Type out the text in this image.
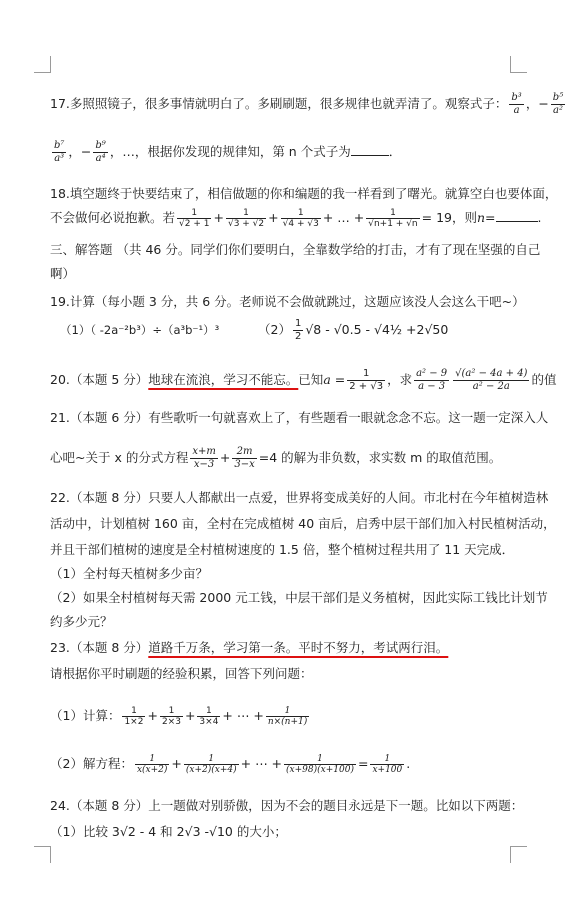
17.多照照镜子，很多事情就明白了。多刷刷题，很多规律也就弄清了。观察式子： $\frac{\text{b³}}{a}$ ，− $\frac{\text{b⁵}}{\text{a²}}$
$\frac{\text{b⁷}}{\text{a³}}$ ，− $\frac{\text{b⁹}}{\text{a⁴}}$ ，…，根据你发现的规律知，第 n 个式子为	．
18.填空题终于快要结束了，相信做题的你和编题的我一样看到了曙光。就算空白也要体面，
不会做何必说抱歉。若 $\frac{1}{√2 + 1} + \frac{1}{√3 + √2} + \frac{1}{√4 + √3}$ + … + $\frac{1}{√n+1 + √n} = 19$，则n=	.
三、解答题 （共 46 分。同学们你们要明白，全靠数学给的打击，才有了现在坚强的自己
啊）
19.计算（每小题 3 分，共 6 分。老师说不会做就跳过，这题应该没人会这么干吧~）
（1）（ -2a⁻²b³）÷（a³b⁻¹）³	$(2) \frac{1}{2} √8 - √0.5$ - √4½ +2√50
20.（本题 5 分）地球在流浪，学习不能忘。已知$a = \frac{1}{2 + √3}$ ，求 $\frac{\text{a² − 9}}{a - 3} \frac{\text{√(a² − 4a + 4)}}{\text{a² − 2a}}$ 的值
21.（本题 6 分）有些歌听一句就喜欢上了，有些题看一眼就念念不忘。这一题一定深入人
心吧~关于 x 的分式方程 $\frac{x+m}{x-3} + \frac{2m}{3-x} =4$ 的解为非负数，求实数 m 的取值范围。
22.（本题 8 分）只要人人都献出一点爱，世界将变成美好的人间。市北村在今年植树造林
活动中，计划植树 160 亩，全村在完成植树 40 亩后，启秀中层干部们加入村民植树活动，
并且干部们植树的速度是全村植树速度的 1.5 倍，整个植树过程共用了 11 天完成．
（1）全村每天植树多少亩？
（2）如果全村植树每天需 2000 元工钱，中层干部们是义务植树，因此实际工钱比计划节
约多少元？
23.（本题 8 分）道路千万条，学习第一条。平时不努力，考试两行泪。
请根据你平时刷题的经验积累，回答下列问题：
（1）计算： $\frac{1}{1\times 2} + \frac{1}{2\times 3} + \frac{1}{3\times 4}$ + ⋯ + $\frac{1}{n\times(n+1)}$
（2）解方程： $\frac{1}{x(x+2)} + \frac{1}{(x+2)(x+4)}$ + ⋯ + $\frac{1}{(x+98)(x+100)} = \frac{1}{x+100}$ .
24.（本题 8 分）上一题做对别骄傲，因为不会的题目永远是下一题。比如以下两题：
（1）比较 3√2 - 4 和 2√3 -√10 的大小；
